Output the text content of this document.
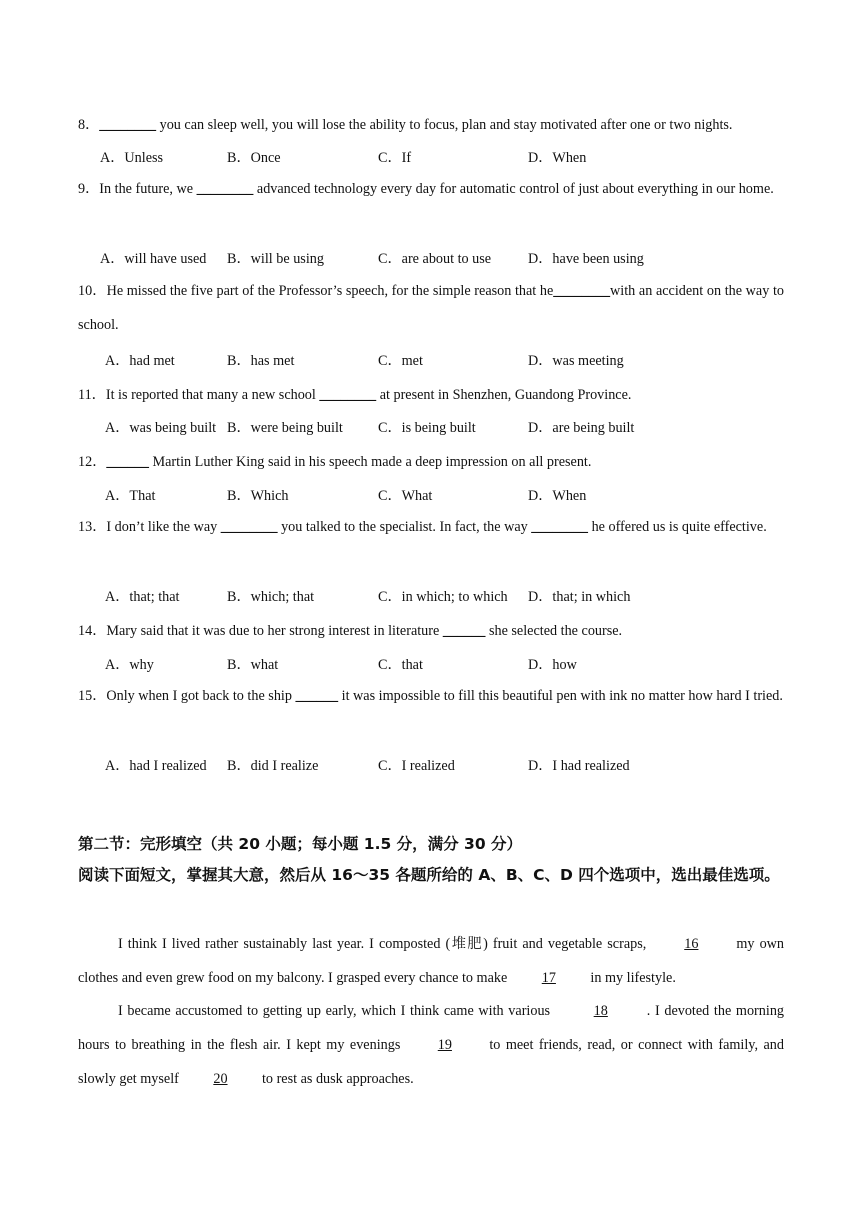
8．________ you can sleep well, you will lose the ability to focus, plan and stay motivated after one or two nights.
A．Unless	B．Once	C．If	D．When
9．In the future, we ________ advanced technology every day for automatic control of just about everything in our home.
A．will have used B．will be using	C．are about to use	D．have been using
10．He missed the five part of the Professor’s speech, for the simple reason that he________with an accident on the way to school.
A．had met	B．has met	C．met	D．was meeting
11．It is reported that many a new school ________ at present in Shenzhen, Guandong Province.
A．was being built B．were being built C．is being built	D．are being built
12．______ Martin Luther King said in his speech made a deep impression on all present.
A．That	B．Which	C．What	D．When
13．I don’t like the way ________ you talked to the specialist. In fact, the way ________ he offered us is quite effective.
A．that; that	B．which; that	C．in which; to which D．that; in which
14．Mary said that it was due to her strong interest in literature ______ she selected the course.
A．why	B．what	C．that	D．how
15．Only when I got back to the ship ______ it was impossible to fill this beautiful pen with ink no matter how hard I tried.
A．had I realized B．did I realize	C．I realized	D．I had realized
第二节：完形填空（共 20 小题；每小题 1.5 分，满分 30 分）
阅读下面短文，掌握其大意，然后从 16～35 各题所给的 A、B、C、D 四个选项中，选出最佳选项。
I think I lived rather sustainably last year. I composted (堆肥) fruit and vegetable scraps, 16 my own clothes and even grew food on my balcony. I grasped every chance to make 17 in my lifestyle.
I became accustomed to getting up early, which I think came with various	18	. I devoted the morning hours to breathing in the flesh air. I kept my evenings 19 to meet friends, read, or connect with family, and slowly get myself 20 to rest as dusk approaches.
